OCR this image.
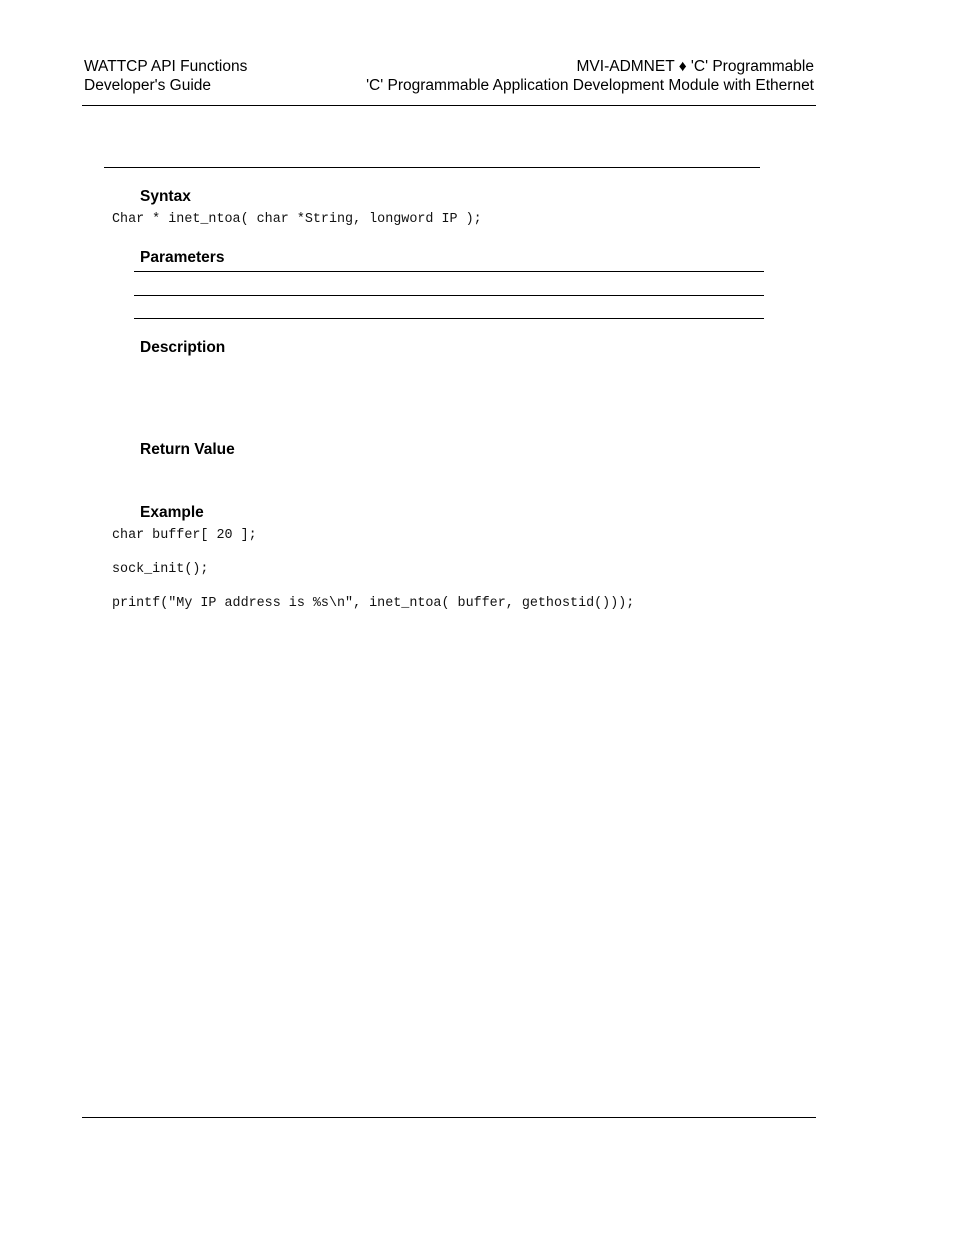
WATTCP API Functions
Developer's Guide
MVI-ADMNET ♦ 'C' Programmable
'C' Programmable Application Development Module with Ethernet
Syntax
Char * inet_ntoa( char *String, longword IP );
Parameters
Description
Return Value
Example
char buffer[ 20 ];
sock_init();
printf("My IP address is %s\n", inet_ntoa( buffer, gethostid()));
